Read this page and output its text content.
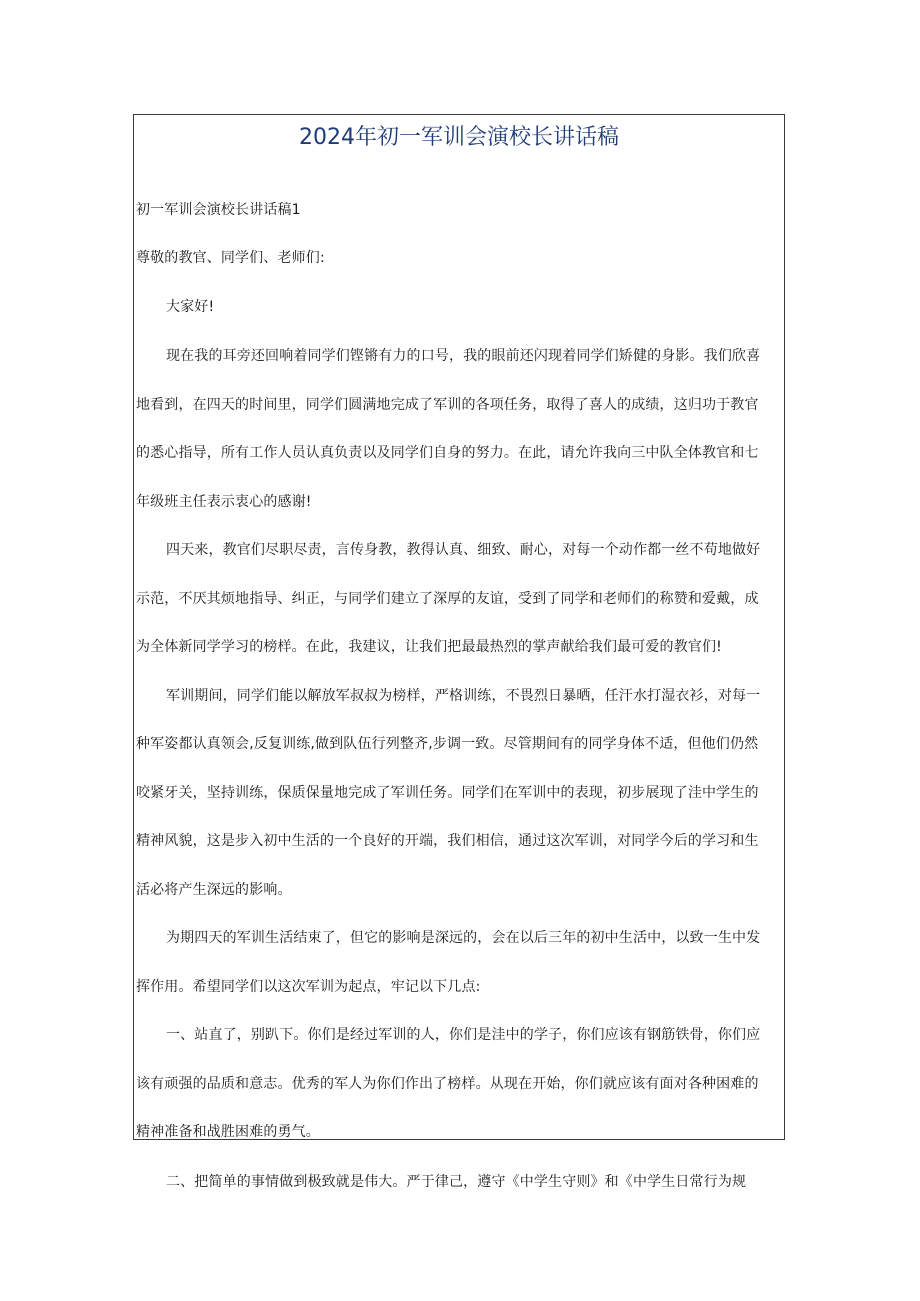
2024年初一军训会演校长讲话稿
初一军训会演校长讲话稿1
尊敬的教官、同学们、老师们:
大家好!
现在我的耳旁还回响着同学们铿锵有力的口号，我的眼前还闪现着同学们矫健的身影。我们欣喜
地看到，在四天的时间里，同学们圆满地完成了军训的各项任务，取得了喜人的成绩，这归功于教官
的悉心指导，所有工作人员认真负责以及同学们自身的努力。在此，请允许我向三中队全体教官和七
年级班主任表示衷心的感谢!
四天来，教官们尽职尽责，言传身教，教得认真、细致、耐心，对每一个动作都一丝不苟地做好
示范，不厌其烦地指导、纠正，与同学们建立了深厚的友谊，受到了同学和老师们的称赞和爱戴，成
为全体新同学学习的榜样。在此，我建议，让我们把最最热烈的掌声献给我们最可爱的教官们!
军训期间，同学们能以解放军叔叔为榜样，严格训练，不畏烈日暴晒，任汗水打湿衣衫，对每一
种军姿都认真领会,反复训练,做到队伍行列整齐,步调一致。尽管期间有的同学身体不适，但他们仍然
咬紧牙关，坚持训练，保质保量地完成了军训任务。同学们在军训中的表现，初步展现了洼中学生的
精神风貌，这是步入初中生活的一个良好的开端，我们相信，通过这次军训，对同学今后的学习和生
活必将产生深远的影响。
为期四天的军训生活结束了，但它的影响是深远的，会在以后三年的初中生活中，以致一生中发
挥作用。希望同学们以这次军训为起点，牢记以下几点:
一、站直了，别趴下。你们是经过军训的人，你们是洼中的学子，你们应该有钢筋铁骨，你们应
该有顽强的品质和意志。优秀的军人为你们作出了榜样。从现在开始，你们就应该有面对各种困难的
精神准备和战胜困难的勇气。
二、把简单的事情做到极致就是伟大。严于律己，遵守《中学生守则》和《中学生日常行为规
